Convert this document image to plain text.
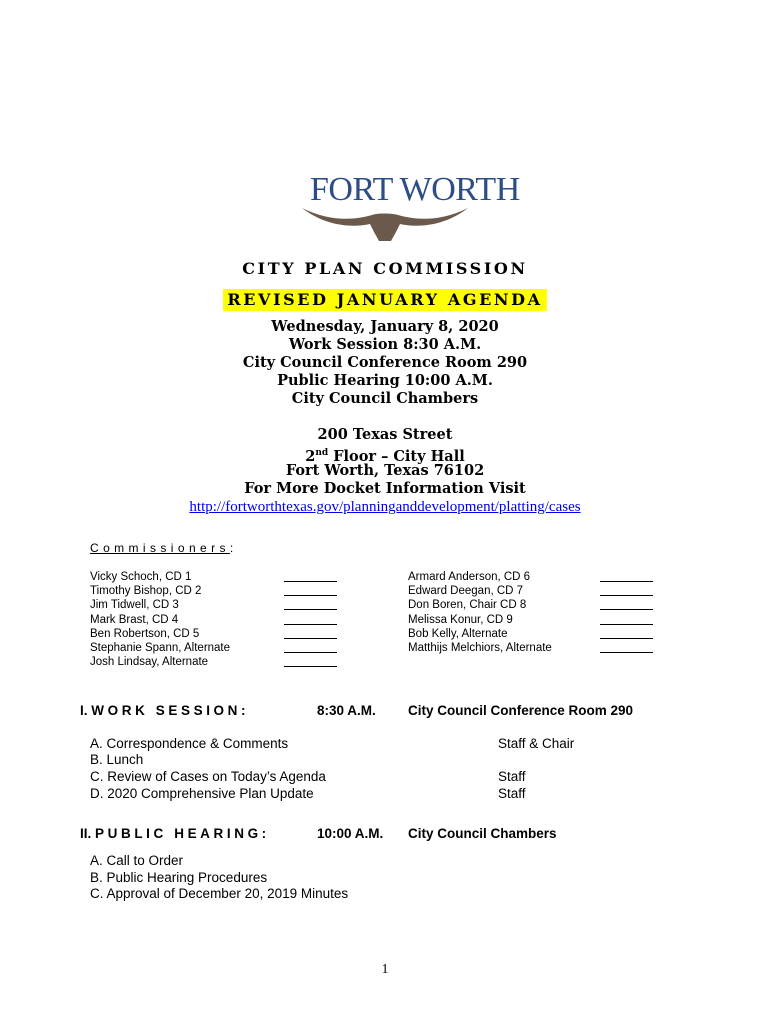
FORT WORTH
CITY PLAN COMMISSION
REVISED JANUARY AGENDA
Wednesday, January 8, 2020
Work Session 8:30 A.M.
City Council Conference Room 290
Public Hearing 10:00 A.M.
City Council Chambers
200 Texas Street
2nd Floor – City Hall
Fort Worth, Texas 76102
For More Docket Information Visit
http://fortworthtexas.gov/planninganddevelopment/platting/cases
Commissioners:
Vicky Schoch, CD 1
Timothy Bishop, CD 2
Jim Tidwell, CD 3
Mark Brast, CD 4
Ben Robertson, CD 5
Stephanie Spann, Alternate
Josh Lindsay, Alternate
Armard Anderson, CD 6
Edward Deegan, CD 7
Don Boren, Chair CD 8
Melissa Konur, CD 9
Bob Kelly, Alternate
Matthijs Melchiors, Alternate
I. WORK SESSION:	8:30 A.M. City Council Conference Room 290
A. Correspondence & Comments	Staff & Chair
B. Lunch
C. Review of Cases on Today’s Agenda	Staff
D. 2020 Comprehensive Plan Update	Staff
II. PUBLIC HEARING:	10:00 A.M. City Council Chambers
A. Call to Order
B. Public Hearing Procedures
C. Approval of December 20, 2019 Minutes
1
